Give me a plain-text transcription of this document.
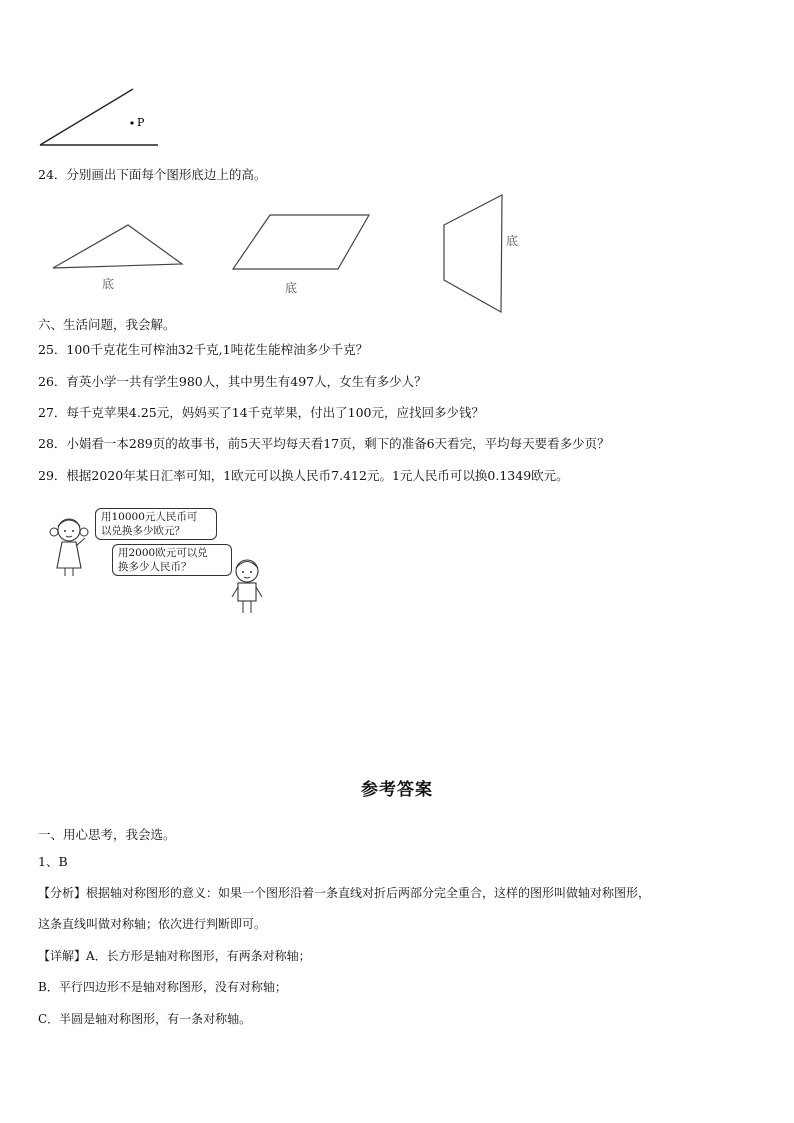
P
24．分别画出下面每个图形底边上的高。
底	底
底
六、生活问题，我会解。
25．100千克花生可榨油32千克,1吨花生能榨油多少千克？
26．育英小学一共有学生980人，其中男生有497人，女生有多少人？
27．每千克苹果4.25元，妈妈买了14千克苹果，付出了100元，应找回多少钱？
28．小娟看一本289页的故事书，前5天平均每天看17页，剩下的准备6天看完，平均每天要看多少页？
29．根据2020年某日汇率可知，1欧元可以换人民币7.412元。1元人民币可以换0.1349欧元。
用10000元人民币可
以兑换多少欧元？
用2000欧元可以兑
换多少人民币？
参考答案
一、用心思考，我会选。
1、B
【分析】根据轴对称图形的意义：如果一个图形沿着一条直线对折后两部分完全重合，这样的图形叫做轴对称图形，
这条直线叫做对称轴；依次进行判断即可。
【详解】A．长方形是轴对称图形，有两条对称轴；
B．平行四边形不是轴对称图形，没有对称轴；
C．半圆是轴对称图形，有一条对称轴。
